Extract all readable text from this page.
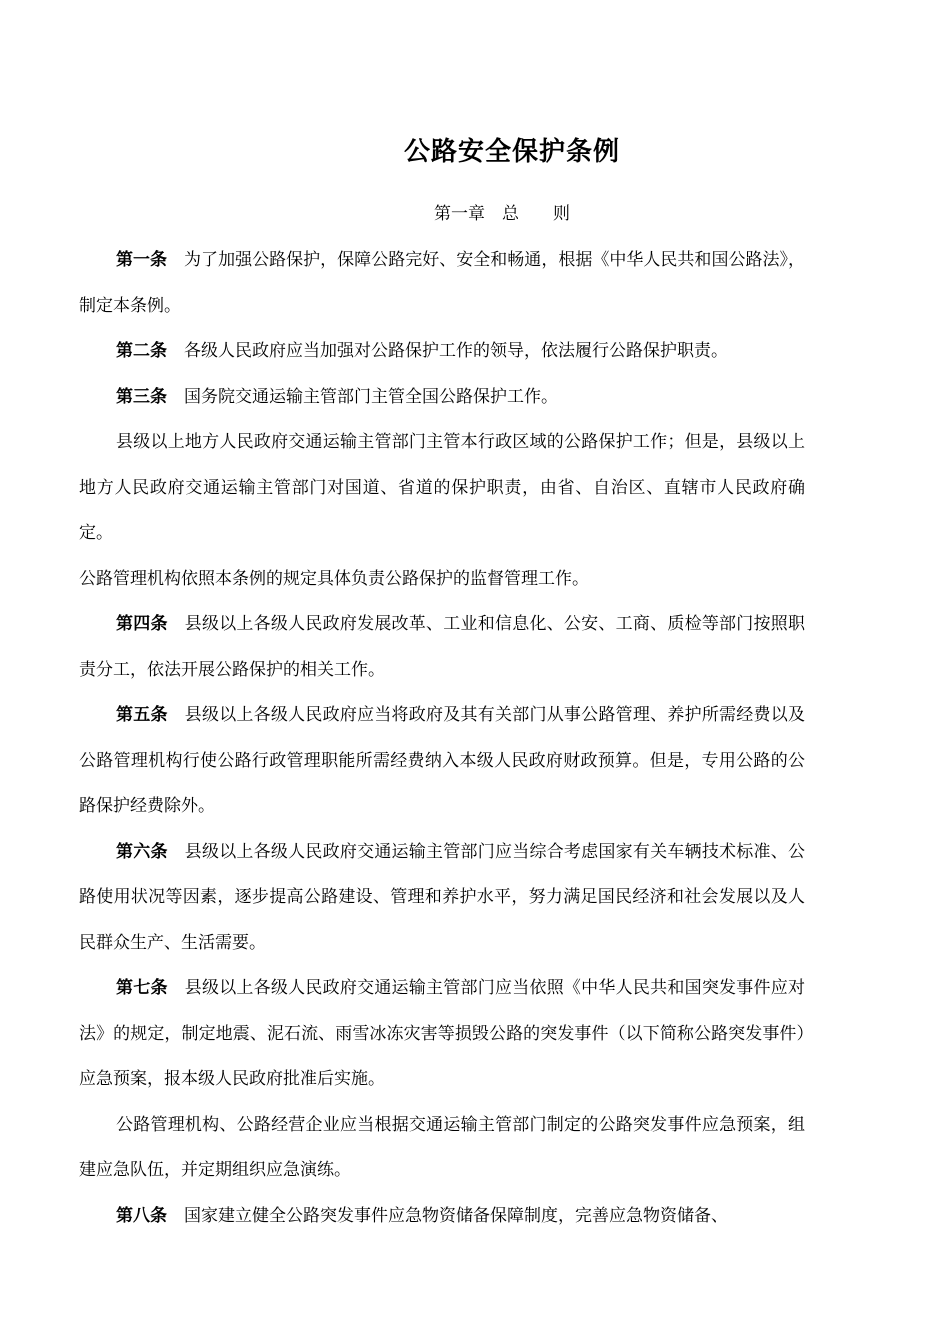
公路安全保护条例
第一章　总　　则

第一条 为了加强公路保护，保障公路完好、安全和畅通，根据《中华人民共和国公路法》，制定本条例。

第二条 各级人民政府应当加强对公路保护工作的领导，依法履行公路保护职责。

第三条 国务院交通运输主管部门主管全国公路保护工作。

县级以上地方人民政府交通运输主管部门主管本行政区域的公路保护工作；但是，县级以上地方人民政府交通运输主管部门对国道、省道的保护职责，由省、自治区、直辖市人民政府确定。

公路管理机构依照本条例的规定具体负责公路保护的监督管理工作。

第四条 县级以上各级人民政府发展改革、工业和信息化、公安、工商、质检等部门按照职责分工，依法开展公路保护的相关工作。

第五条 县级以上各级人民政府应当将政府及其有关部门从事公路管理、养护所需经费以及公路管理机构行使公路行政管理职能所需经费纳入本级人民政府财政预算。但是，专用公路的公路保护经费除外。

第六条 县级以上各级人民政府交通运输主管部门应当综合考虑国家有关车辆技术标准、公路使用状况等因素，逐步提高公路建设、管理和养护水平，努力满足国民经济和社会发展以及人民群众生产、生活需要。

第七条 县级以上各级人民政府交通运输主管部门应当依照《中华人民共和国突发事件应对法》的规定，制定地震、泥石流、雨雪冰冻灾害等损毁公路的突发事件（以下简称公路突发事件）应急预案，报本级人民政府批准后实施。

公路管理机构、公路经营企业应当根据交通运输主管部门制定的公路突发事件应急预案，组建应急队伍，并定期组织应急演练。

第八条 国家建立健全公路突发事件应急物资储备保障制度，完善应急物资储备、
